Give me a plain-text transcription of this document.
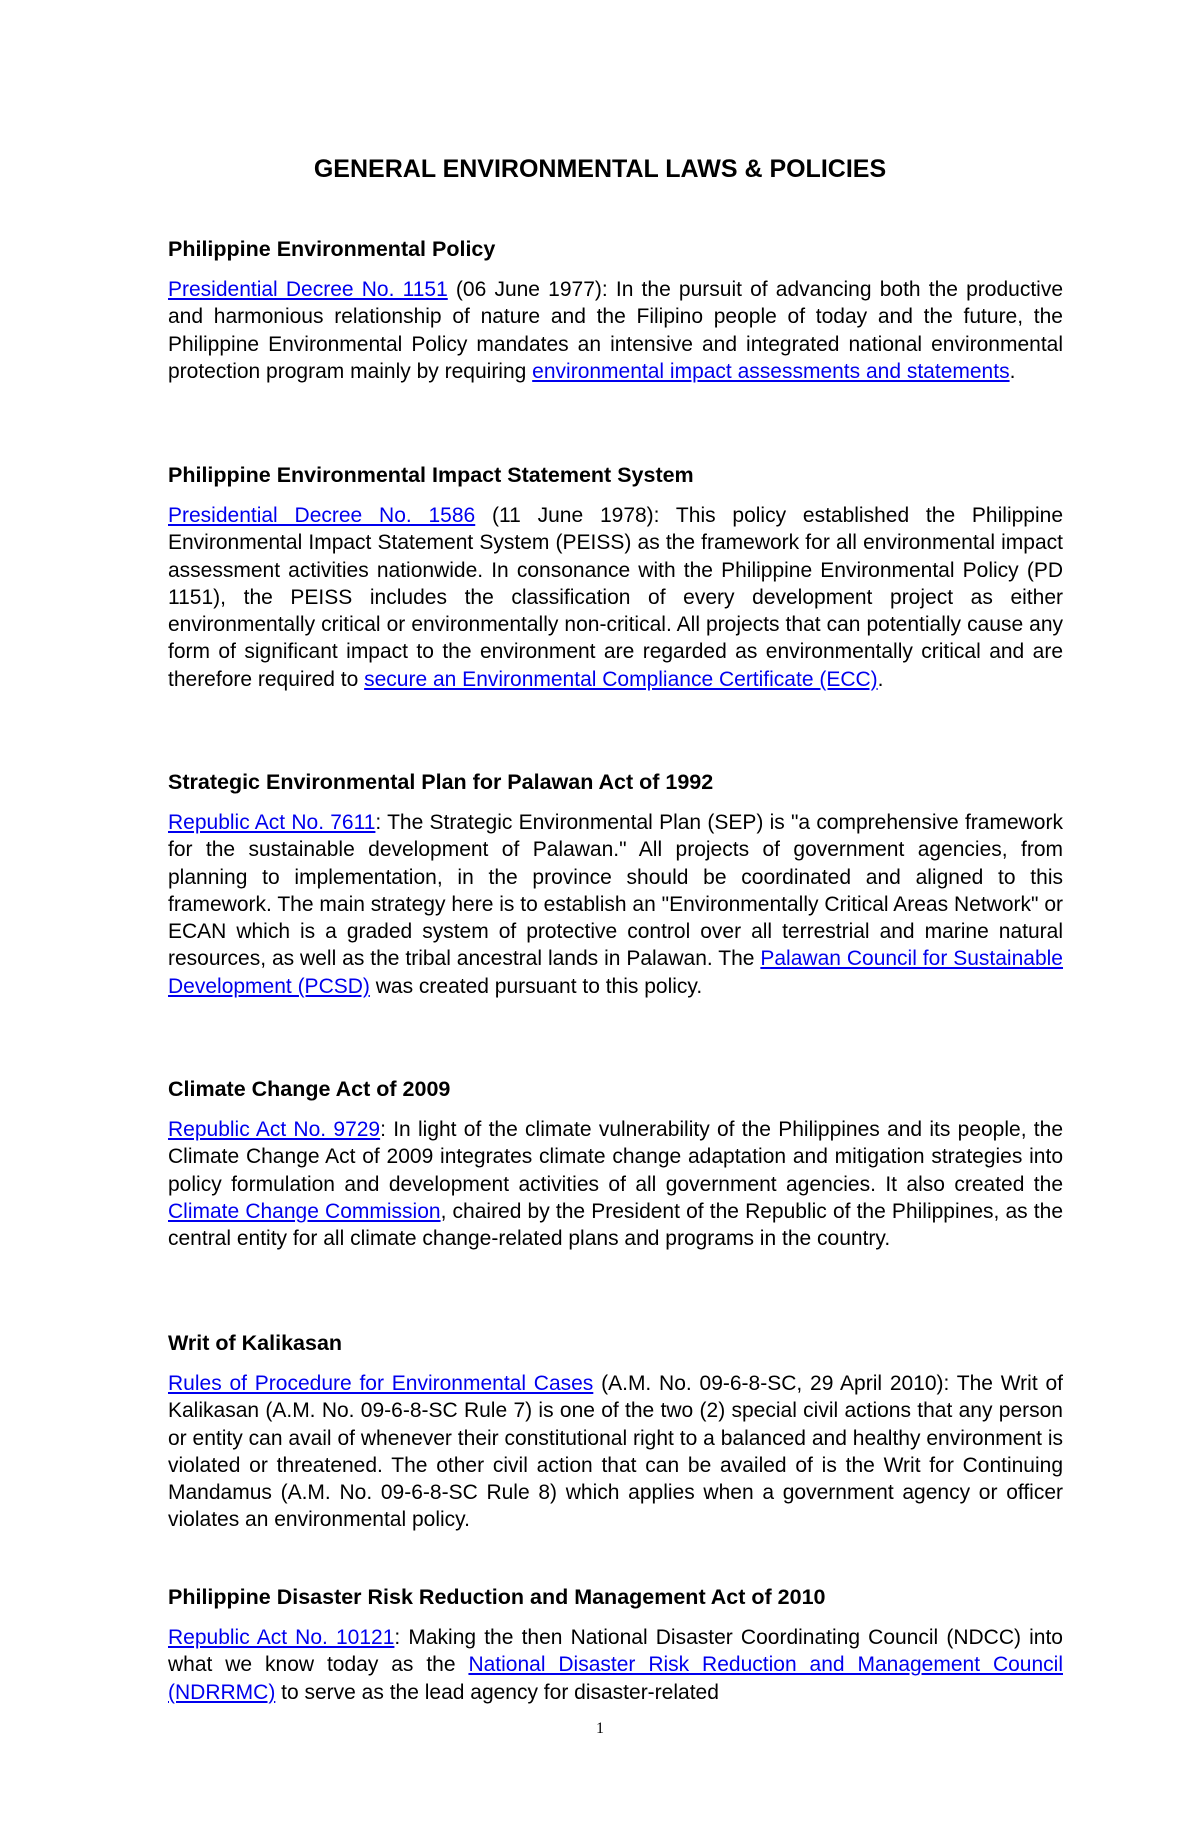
GENERAL ENVIRONMENTAL LAWS & POLICIES
Philippine Environmental Policy

Presidential Decree No. 1151 (06 June 1977): In the pursuit of advancing both the productive and harmonious relationship of nature and the Filipino people of today and the future, the Philippine Environmental Policy mandates an intensive and integrated national environmental protection program mainly by requiring environmental impact assessments and statements.

Philippine Environmental Impact Statement System

Presidential Decree No. 1586 (11 June 1978): This policy established the Philippine Environmental Impact Statement System (PEISS) as the framework for all environmental impact assessment activities nationwide. In consonance with the Philippine Environmental Policy (PD 1151), the PEISS includes the classification of every development project as either environmentally critical or environmentally non-critical. All projects that can potentially cause any form of significant impact to the environment are regarded as environmentally critical and are therefore required to secure an Environmental Compliance Certificate (ECC).

Strategic Environmental Plan for Palawan Act of 1992

Republic Act No. 7611: The Strategic Environmental Plan (SEP) is "a comprehensive framework for the sustainable development of Palawan." All projects of government agencies, from planning to implementation, in the province should be coordinated and aligned to this framework. The main strategy here is to establish an "Environmentally Critical Areas Network" or ECAN which is a graded system of protective control over all terrestrial and marine natural resources, as well as the tribal ancestral lands in Palawan. The Palawan Council for Sustainable Development (PCSD) was created pursuant to this policy.

Climate Change Act of 2009

Republic Act No. 9729: In light of the climate vulnerability of the Philippines and its people, the Climate Change Act of 2009 integrates climate change adaptation and mitigation strategies into policy formulation and development activities of all government agencies. It also created the Climate Change Commission, chaired by the President of the Republic of the Philippines, as the central entity for all climate change-related plans and programs in the country.

Writ of Kalikasan

Rules of Procedure for Environmental Cases (A.M. No. 09-6-8-SC, 29 April 2010): The Writ of Kalikasan (A.M. No. 09-6-8-SC Rule 7) is one of the two (2) special civil actions that any person or entity can avail of whenever their constitutional right to a balanced and healthy environment is violated or threatened. The other civil action that can be availed of is the Writ for Continuing Mandamus (A.M. No. 09-6-8-SC Rule 8) which applies when a government agency or officer violates an environmental policy.

Philippine Disaster Risk Reduction and Management Act of 2010

Republic Act No. 10121: Making the then National Disaster Coordinating Council (NDCC) into what we know today as the National Disaster Risk Reduction and Management Council (NDRRMC) to serve as the lead agency for disaster-related

1
